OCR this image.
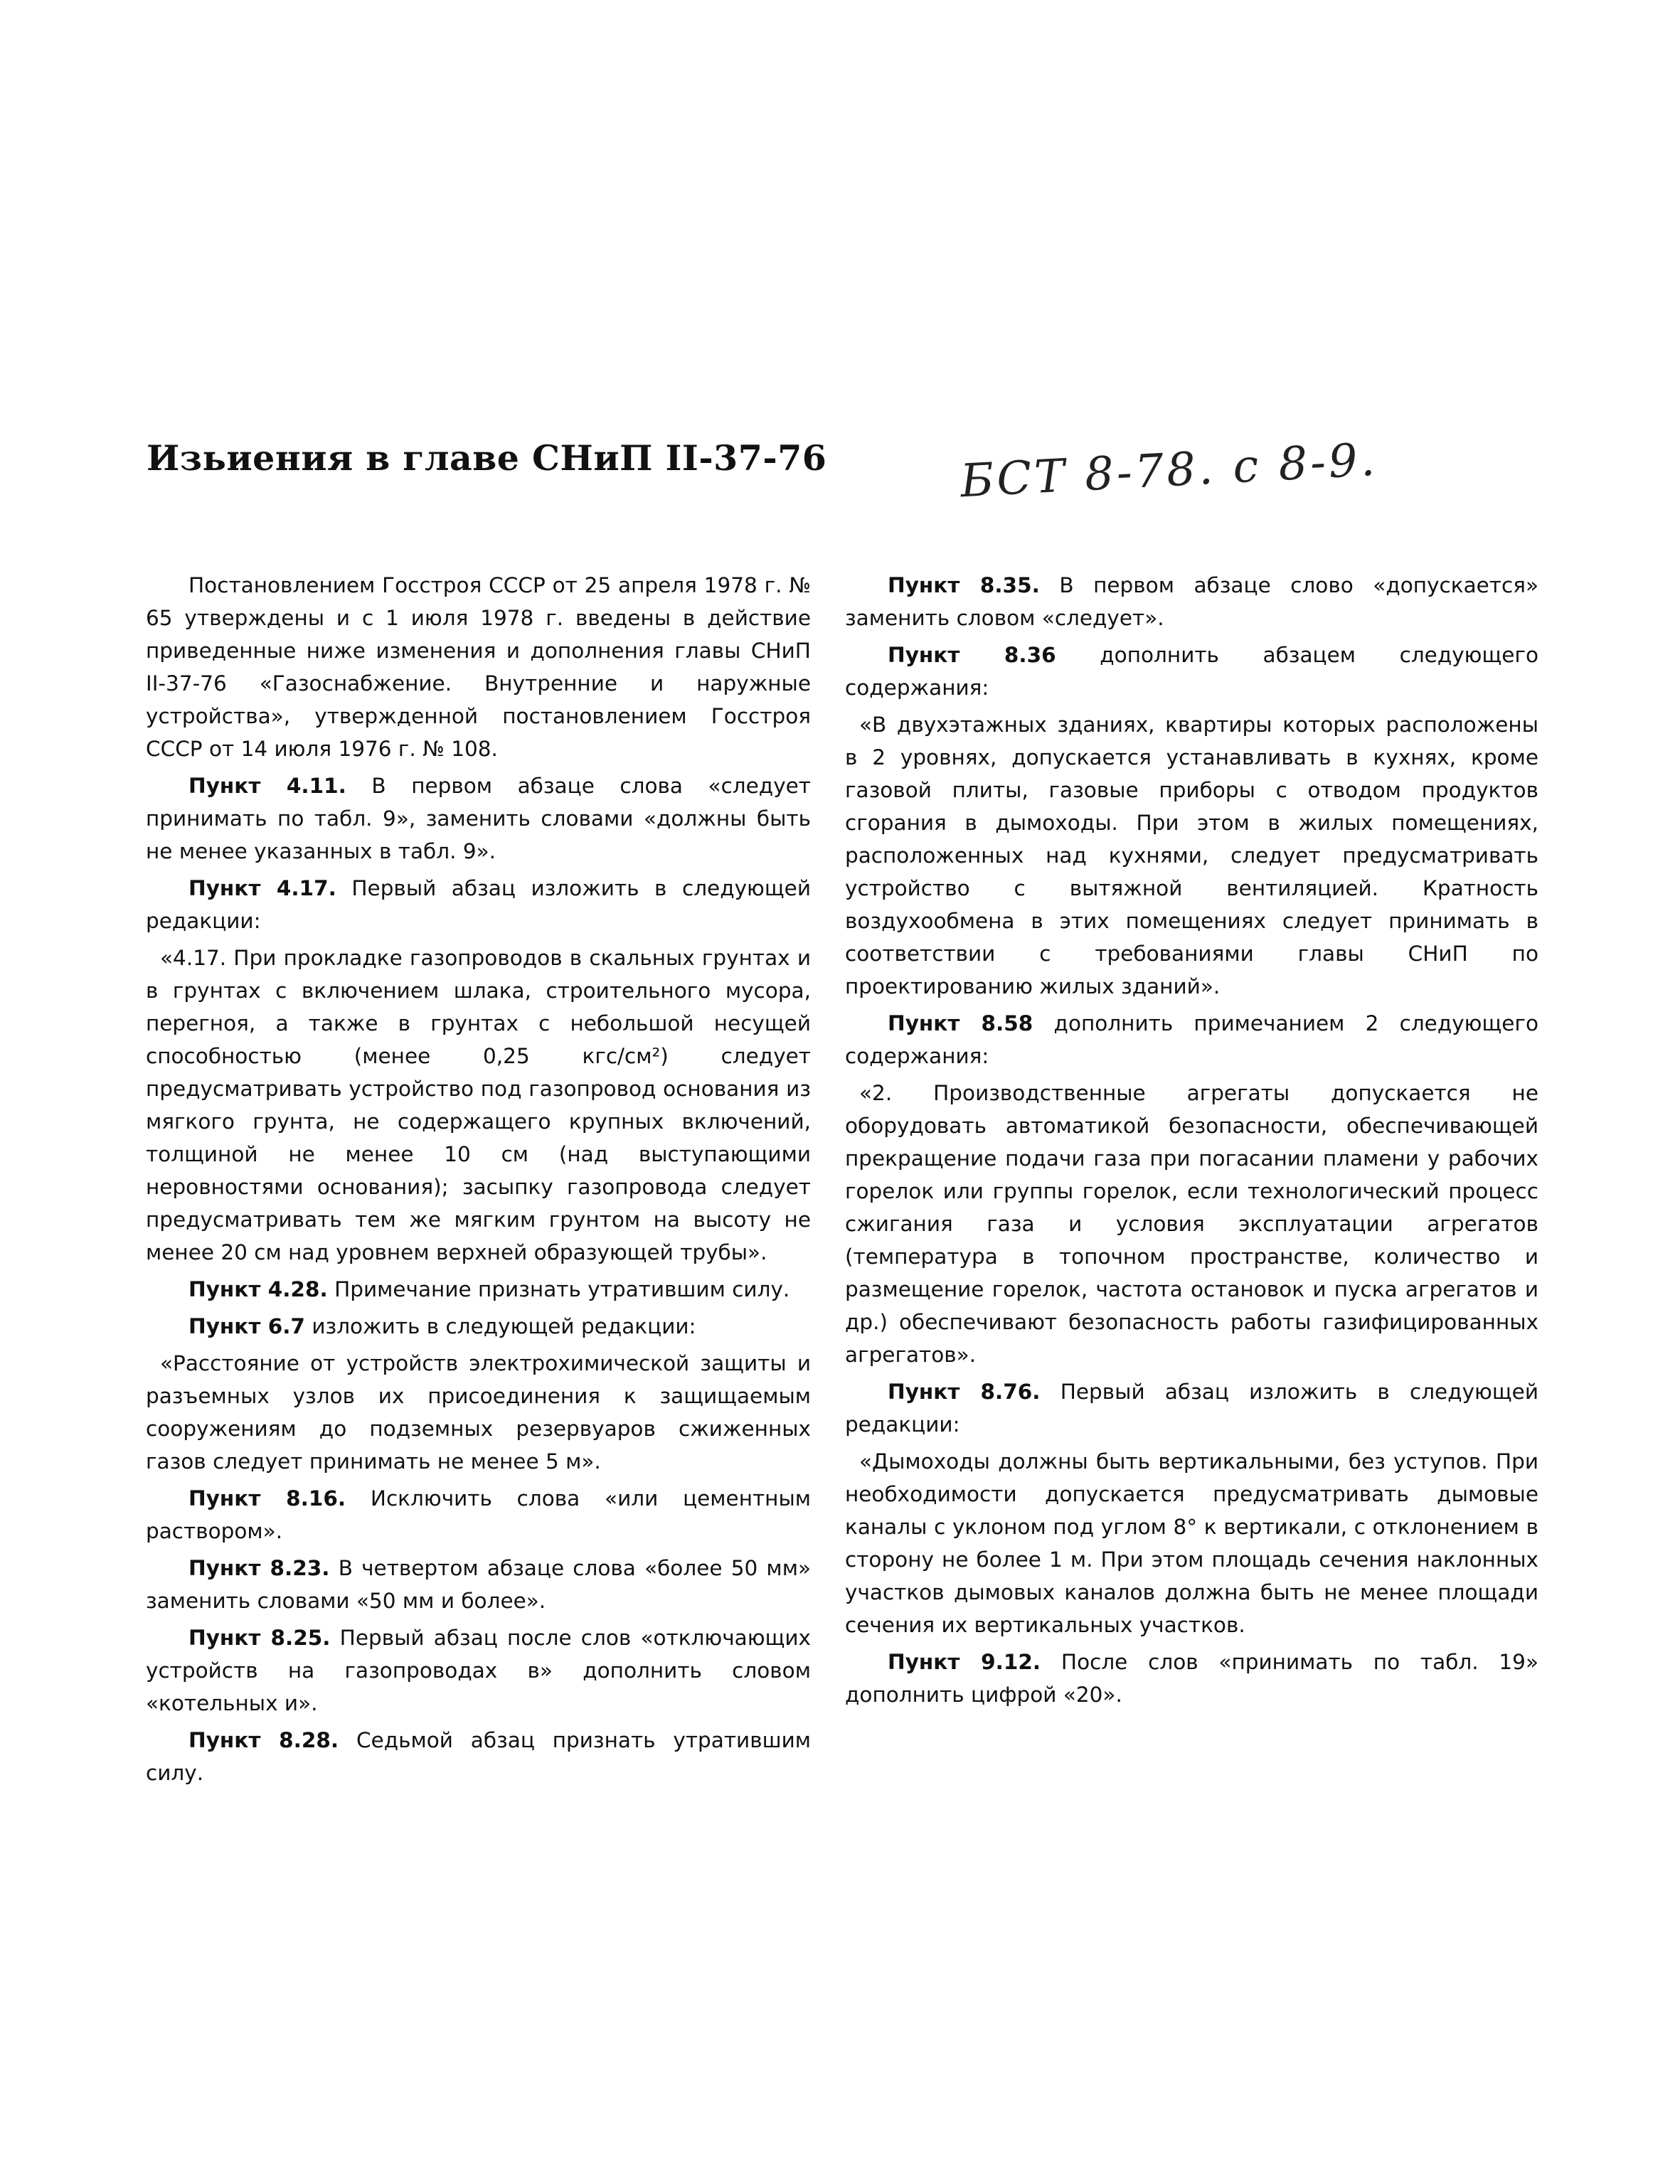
Изьиения в главе СНиП II-37-76	БСТ 8-78. с 8-9.

Постановлением Госстроя СССР от 25 апреля 1978 г. № 65 утверждены и с 1 июля 1978 г. введены в действие приведенные ниже изменения и дополнения главы СНиП II-37-76 «Газоснабжение. Внутренние и наружные устройства», утвержденной постановлением Госстроя СССР от 14 июля 1976 г. № 108.

Пункт 4.11. В первом абзаце слова «следует принимать по табл. 9», заменить словами «должны быть не менее указанных в табл. 9».

Пункт 4.17. Первый абзац изложить в следующей редакции:

«4.17. При прокладке газопроводов в скальных грунтах и в грунтах с включением шлака, строительного мусора, перегноя, а также в грунтах с небольшой несущей способностью (менее 0,25 кгс/см²) следует предусматривать устройство под газопровод основания из мягкого грунта, не содержащего крупных включений, толщиной не менее 10 см (над выступающими неровностями основания); засыпку газопровода следует предусматривать тем же мягким грунтом на высоту не менее 20 см над уровнем верхней образующей трубы».

Пункт 4.28. Примечание признать утратившим силу.

Пункт 6.7 изложить в следующей редакции:

«Расстояние от устройств электрохимической защиты и разъемных узлов их присоединения к защищаемым сооружениям до подземных резервуаров сжиженных газов следует принимать не менее 5 м».

Пункт 8.16. Исключить слова «или цементным раствором».

Пункт 8.23. В четвертом абзаце слова «более 50 мм» заменить словами «50 мм и более».

Пункт 8.25. Первый абзац после слов «отключающих устройств на газопроводах в» дополнить словом «котельных и».

Пункт 8.28. Седьмой абзац признать утратившим силу.

Пункт 8.35. В первом абзаце слово «допускается» заменить словом «следует».

Пункт 8.36 дополнить абзацем следующего содержания:

«В двухэтажных зданиях, квартиры которых расположены в 2 уровнях, допускается устанавливать в кухнях, кроме газовой плиты, газовые приборы с отводом продуктов сгорания в дымоходы. При этом в жилых помещениях, расположенных над кухнями, следует предусматривать устройство с вытяжной вентиляцией. Кратность воздухообмена в этих помещениях следует принимать в соответствии с требованиями главы СНиП по проектированию жилых зданий».

Пункт 8.58 дополнить примечанием 2 следующего содержания:

«2. Производственные агрегаты допускается не оборудовать автоматикой безопасности, обеспечивающей прекращение подачи газа при погасании пламени у рабочих горелок или группы горелок, если технологический процесс сжигания газа и условия эксплуатации агрегатов (температура в топочном пространстве, количество и размещение горелок, частота остановок и пуска агрегатов и др.) обеспечивают безопасность работы газифицированных агрегатов».

Пункт 8.76. Первый абзац изложить в следующей редакции:

«Дымоходы должны быть вертикальными, без уступов. При необходимости допускается предусматривать дымовые каналы с уклоном под углом 8° к вертикали, с отклонением в сторону не более 1 м. При этом площадь сечения наклонных участков дымовых каналов должна быть не менее площади сечения их вертикальных участков.

Пункт 9.12. После слов «принимать по табл. 19» дополнить цифрой «20».
